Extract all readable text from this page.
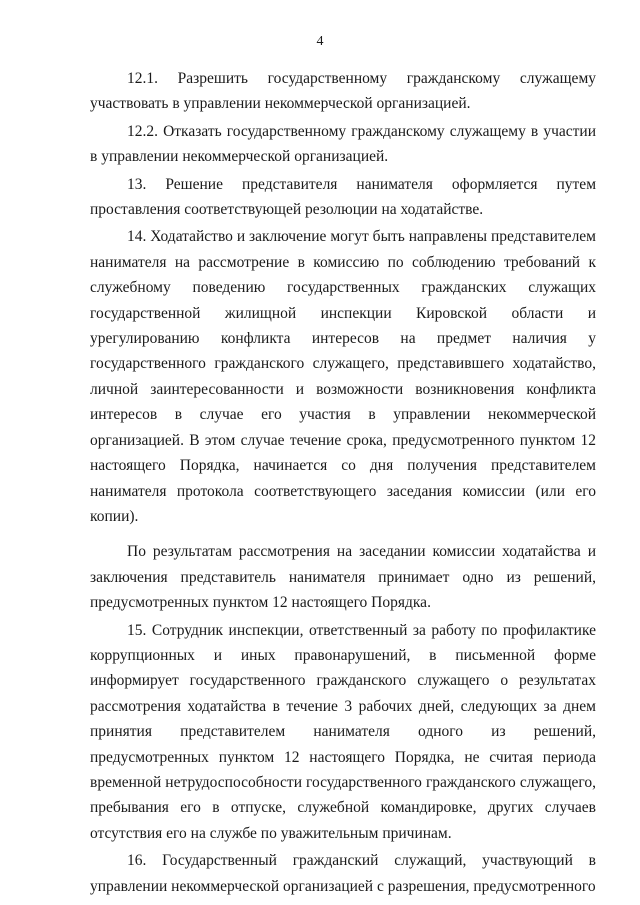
4

12.1. Разрешить государственному гражданскому служащему участвовать в управлении некоммерческой организацией.

12.2. Отказать государственному гражданскому служащему в участии в управлении некоммерческой организацией.

13. Решение представителя нанимателя оформляется путем проставления соответствующей резолюции на ходатайстве.

14. Ходатайство и заключение могут быть направлены представителем нанимателя на рассмотрение в комиссию по соблюдению требований к служебному поведению государственных гражданских служащих государственной жилищной инспекции Кировской области и урегулированию конфликта интересов на предмет наличия у государственного гражданского служащего, представившего ходатайство, личной заинтересованности и возможности возникновения конфликта интересов в случае его участия в управлении некоммерческой организацией. В этом случае течение срока, предусмотренного пунктом 12 настоящего Порядка, начинается со дня получения представителем нанимателя протокола соответствующего заседания комиссии (или его копии).

По результатам рассмотрения на заседании комиссии ходатайства и заключения представитель нанимателя принимает одно из решений, предусмотренных пунктом 12 настоящего Порядка.

15. Сотрудник инспекции, ответственный за работу по профилактике коррупционных и иных правонарушений, в письменной форме информирует государственного гражданского служащего о результатах рассмотрения ходатайства в течение 3 рабочих дней, следующих за днем принятия представителем нанимателя одного из решений, предусмотренных пунктом 12 настоящего Порядка, не считая периода временной нетрудоспособности государственного гражданского служащего, пребывания его в отпуске, служебной командировке, других случаев отсутствия его на службе по уважительным причинам.

16. Государственный гражданский служащий, участвующий в управлении некоммерческой организацией с разрешения, предусмотренного
